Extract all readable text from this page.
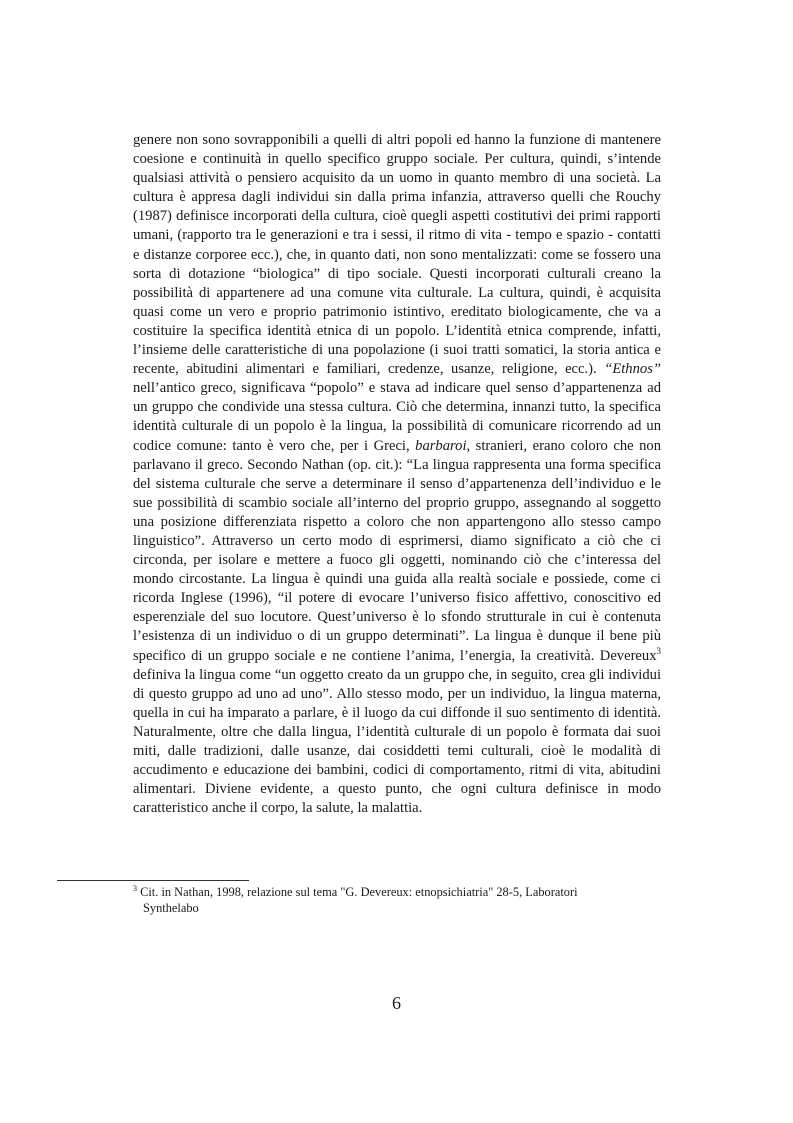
genere non sono sovrapponibili a quelli di altri popoli ed hanno la funzione di mantenere coesione e continuità in quello specifico gruppo sociale. Per cultura, quindi, s’intende qualsiasi attività o pensiero acquisito da un uomo in quanto membro di una società. La cultura è appresa dagli individui sin dalla prima infanzia, attraverso quelli che Rouchy (1987) definisce incorporati della cultura, cioè quegli aspetti costitutivi dei primi rapporti umani, (rapporto tra le generazioni e tra i sessi, il ritmo di vita - tempo e spazio - contatti e distanze corporee ecc.), che, in quanto dati, non sono mentalizzati: come se fossero una sorta di dotazione “biologica” di tipo sociale. Questi incorporati culturali creano la possibilità di appartenere ad una comune vita culturale. La cultura, quindi, è acquisita quasi come un vero e proprio patrimonio istintivo, ereditato biologicamente, che va a costituire la specifica identità etnica di un popolo. L’identità etnica comprende, infatti, l’insieme delle caratteristiche di una popolazione (i suoi tratti somatici, la storia antica e recente, abitudini alimentari e familiari, credenze, usanze, religione, ecc.). “Ethnos” nell’antico greco, significava “popolo” e stava ad indicare quel senso d’appartenenza ad un gruppo che condivide una stessa cultura. Ciò che determina, innanzi tutto, la specifica identità culturale di un popolo è la lingua, la possibilità di comunicare ricorrendo ad un codice comune: tanto è vero che, per i Greci, barbaroi, stranieri, erano coloro che non parlavano il greco. Secondo Nathan (op. cit.): “La lingua rappresenta una forma specifica del sistema culturale che serve a determinare il senso d’appartenenza dell’individuo e le sue possibilità di scambio sociale all’interno del proprio gruppo, assegnando al soggetto una posizione differenziata rispetto a coloro che non appartengono allo stesso campo linguistico”. Attraverso un certo modo di esprimersi, diamo significato a ciò che ci circonda, per isolare e mettere a fuoco gli oggetti, nominando ciò che c’interessa del mondo circostante. La lingua è quindi una guida alla realtà sociale e possiede, come ci ricorda Inglese (1996), “il potere di evocare l’universo fisico affettivo, conoscitivo ed esperenziale del suo locutore. Quest’universo è lo sfondo strutturale in cui è contenuta l’esistenza di un individuo o di un gruppo determinati”. La lingua è dunque il bene più specifico di un gruppo sociale e ne contiene l’anima, l’energia, la creatività. Devereux$^3$ definiva la lingua come “un oggetto creato da un gruppo che, in seguito, crea gli individui di questo gruppo ad uno ad uno”. Allo stesso modo, per un individuo, la lingua materna, quella in cui ha imparato a parlare, è il luogo da cui diffonde il suo sentimento di identità. Naturalmente, oltre che dalla lingua, l’identità culturale di un popolo è formata dai suoi miti, dalle tradizioni, dalle usanze, dai cosiddetti temi culturali, cioè le modalità di accudimento e educazione dei bambini, codici di comportamento, ritmi di vita, abitudini alimentari. Diviene evidente, a questo punto, che ogni cultura definisce in modo caratteristico anche il corpo, la salute, la malattia.

$^3$ Cit. in Nathan, 1998, relazione sul tema "G. Devereux: etnopsichiatria" 28-5, Laboratori
Synthelabo

6
